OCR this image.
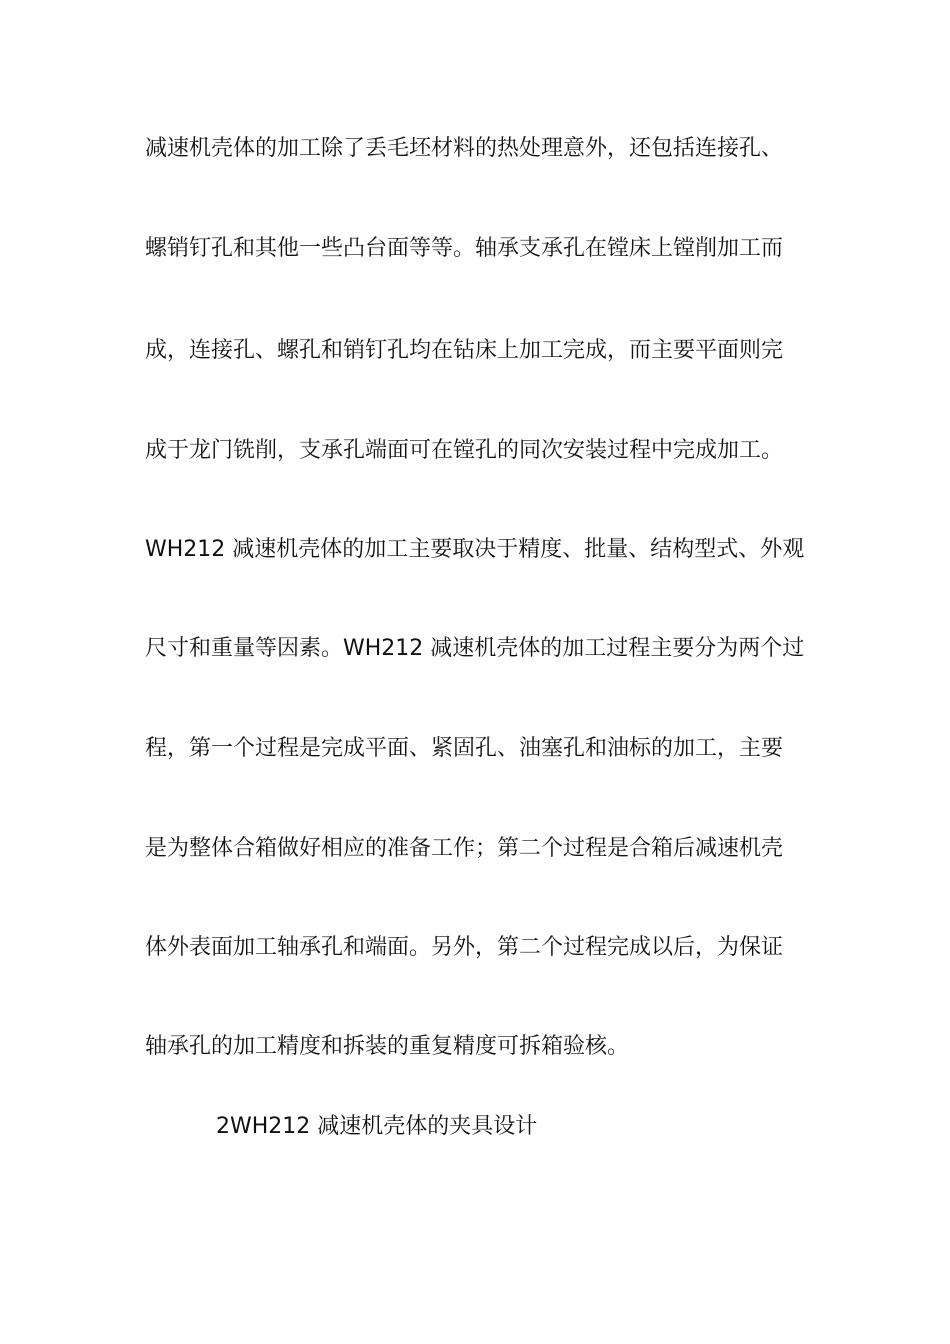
减速机壳体的加工除了丢毛坯材料的热处理意外，还包括连接孔、
螺销钉孔和其他一些凸台面等等。轴承支承孔在镗床上镗削加工而
成，连接孔、螺孔和销钉孔均在钻床上加工完成，而主要平面则完
成于龙门铣削，支承孔端面可在镗孔的同次安装过程中完成加工。
WH212 减速机壳体的加工主要取决于精度、批量、结构型式、外观
尺寸和重量等因素。WH212 减速机壳体的加工过程主要分为两个过
程，第一个过程是完成平面、紧固孔、油塞孔和油标的加工，主要
是为整体合箱做好相应的准备工作；第二个过程是合箱后减速机壳
体外表面加工轴承孔和端面。另外，第二个过程完成以后，为保证
轴承孔的加工精度和拆装的重复精度可拆箱验核。
2WH212 减速机壳体的夹具设计
